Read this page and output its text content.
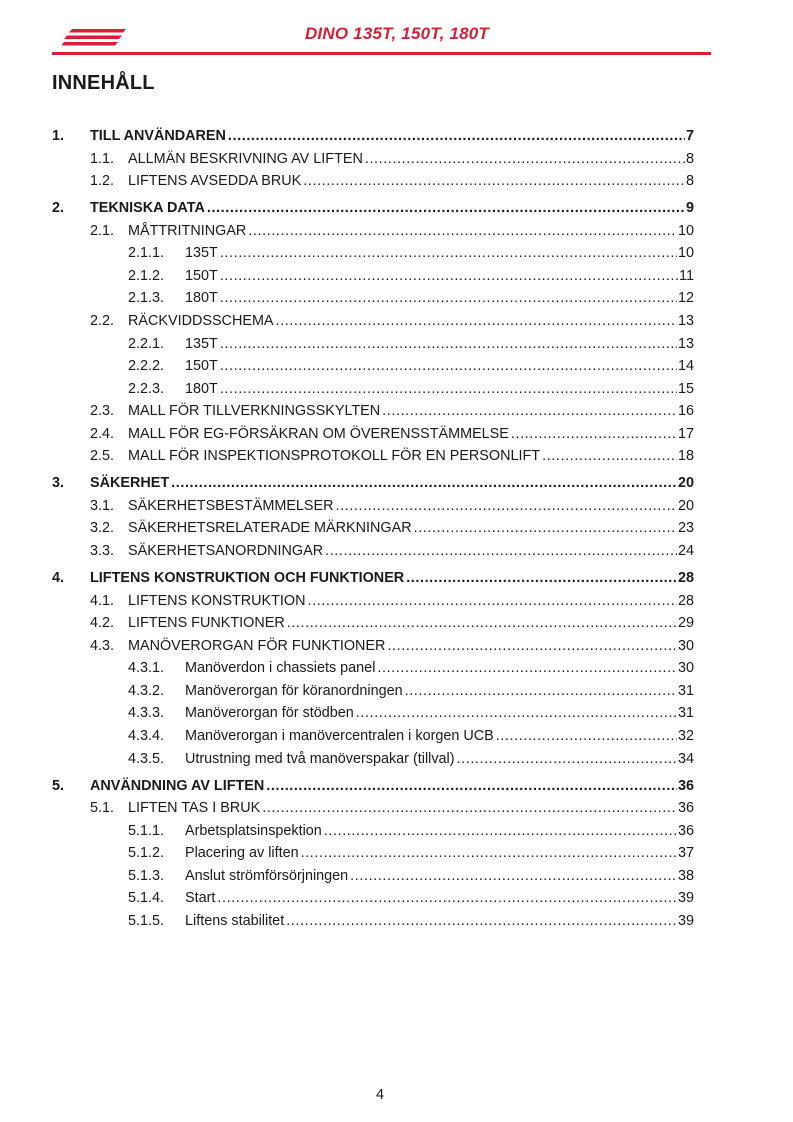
DINO 135T, 150T, 180T
INNEHÅLL
1.	TILL ANVÄNDAREN .....	7
1.1. ALLMÄN BESKRIVNING AV LIFTEN .....	8
1.2. LIFTENS AVSEDDA BRUK .....	8
2.	TEKNISKA DATA .....	9
2.1. MÅTTRITNINGAR .....	10
2.1.1.	135T .....	10
2.1.2.	150T .....	11
2.1.3.	180T .....	12
2.2. RÄCKVIDDSSCHEMA .....	13
2.2.1.	135T .....	13
2.2.2.	150T .....	14
2.2.3.	180T .....	15
2.3. MALL FÖR TILLVERKNINGSSKYLTEN .....	16
2.4. MALL FÖR EG-FÖRSÄKRAN OM ÖVERENSSTÄMMELSE .....	17
2.5. MALL FÖR INSPEKTIONSPROTOKOLL FÖR EN PERSONLIFT .....	18
3.	SÄKERHET .....	20
3.1. SÄKERHETSBESTÄMMELSER .....	20
3.2. SÄKERHETSRELATERADE MÄRKNINGAR .....	23
3.3. SÄKERHETSANORDNINGAR .....	24
4.	LIFTENS KONSTRUKTION OCH FUNKTIONER .....	28
4.1. LIFTENS KONSTRUKTION .....	28
4.2. LIFTENS FUNKTIONER .....	29
4.3. MANÖVERORGAN FÖR FUNKTIONER .....	30
4.3.1.	Manöverdon i chassiets panel .....	30
4.3.2.	Manöverorgan för köranordningen .....	31
4.3.3.	Manöverorgan för stödben .....	31
4.3.4.	Manöverorgan i manövercentralen i korgen UCB .....	32
4.3.5.	Utrustning med två manöverspakar (tillval) .....	34
5.	ANVÄNDNING AV LIFTEN .....	36
5.1. LIFTEN TAS I BRUK .....	36
5.1.1.	Arbetsplatsinspektion .....	36
5.1.2.	Placering av liften .....	37
5.1.3.	Anslut strömförsörjningen .....	38
5.1.4.	Start .....	39
5.1.5.	Liftens stabilitet .....	39
4
